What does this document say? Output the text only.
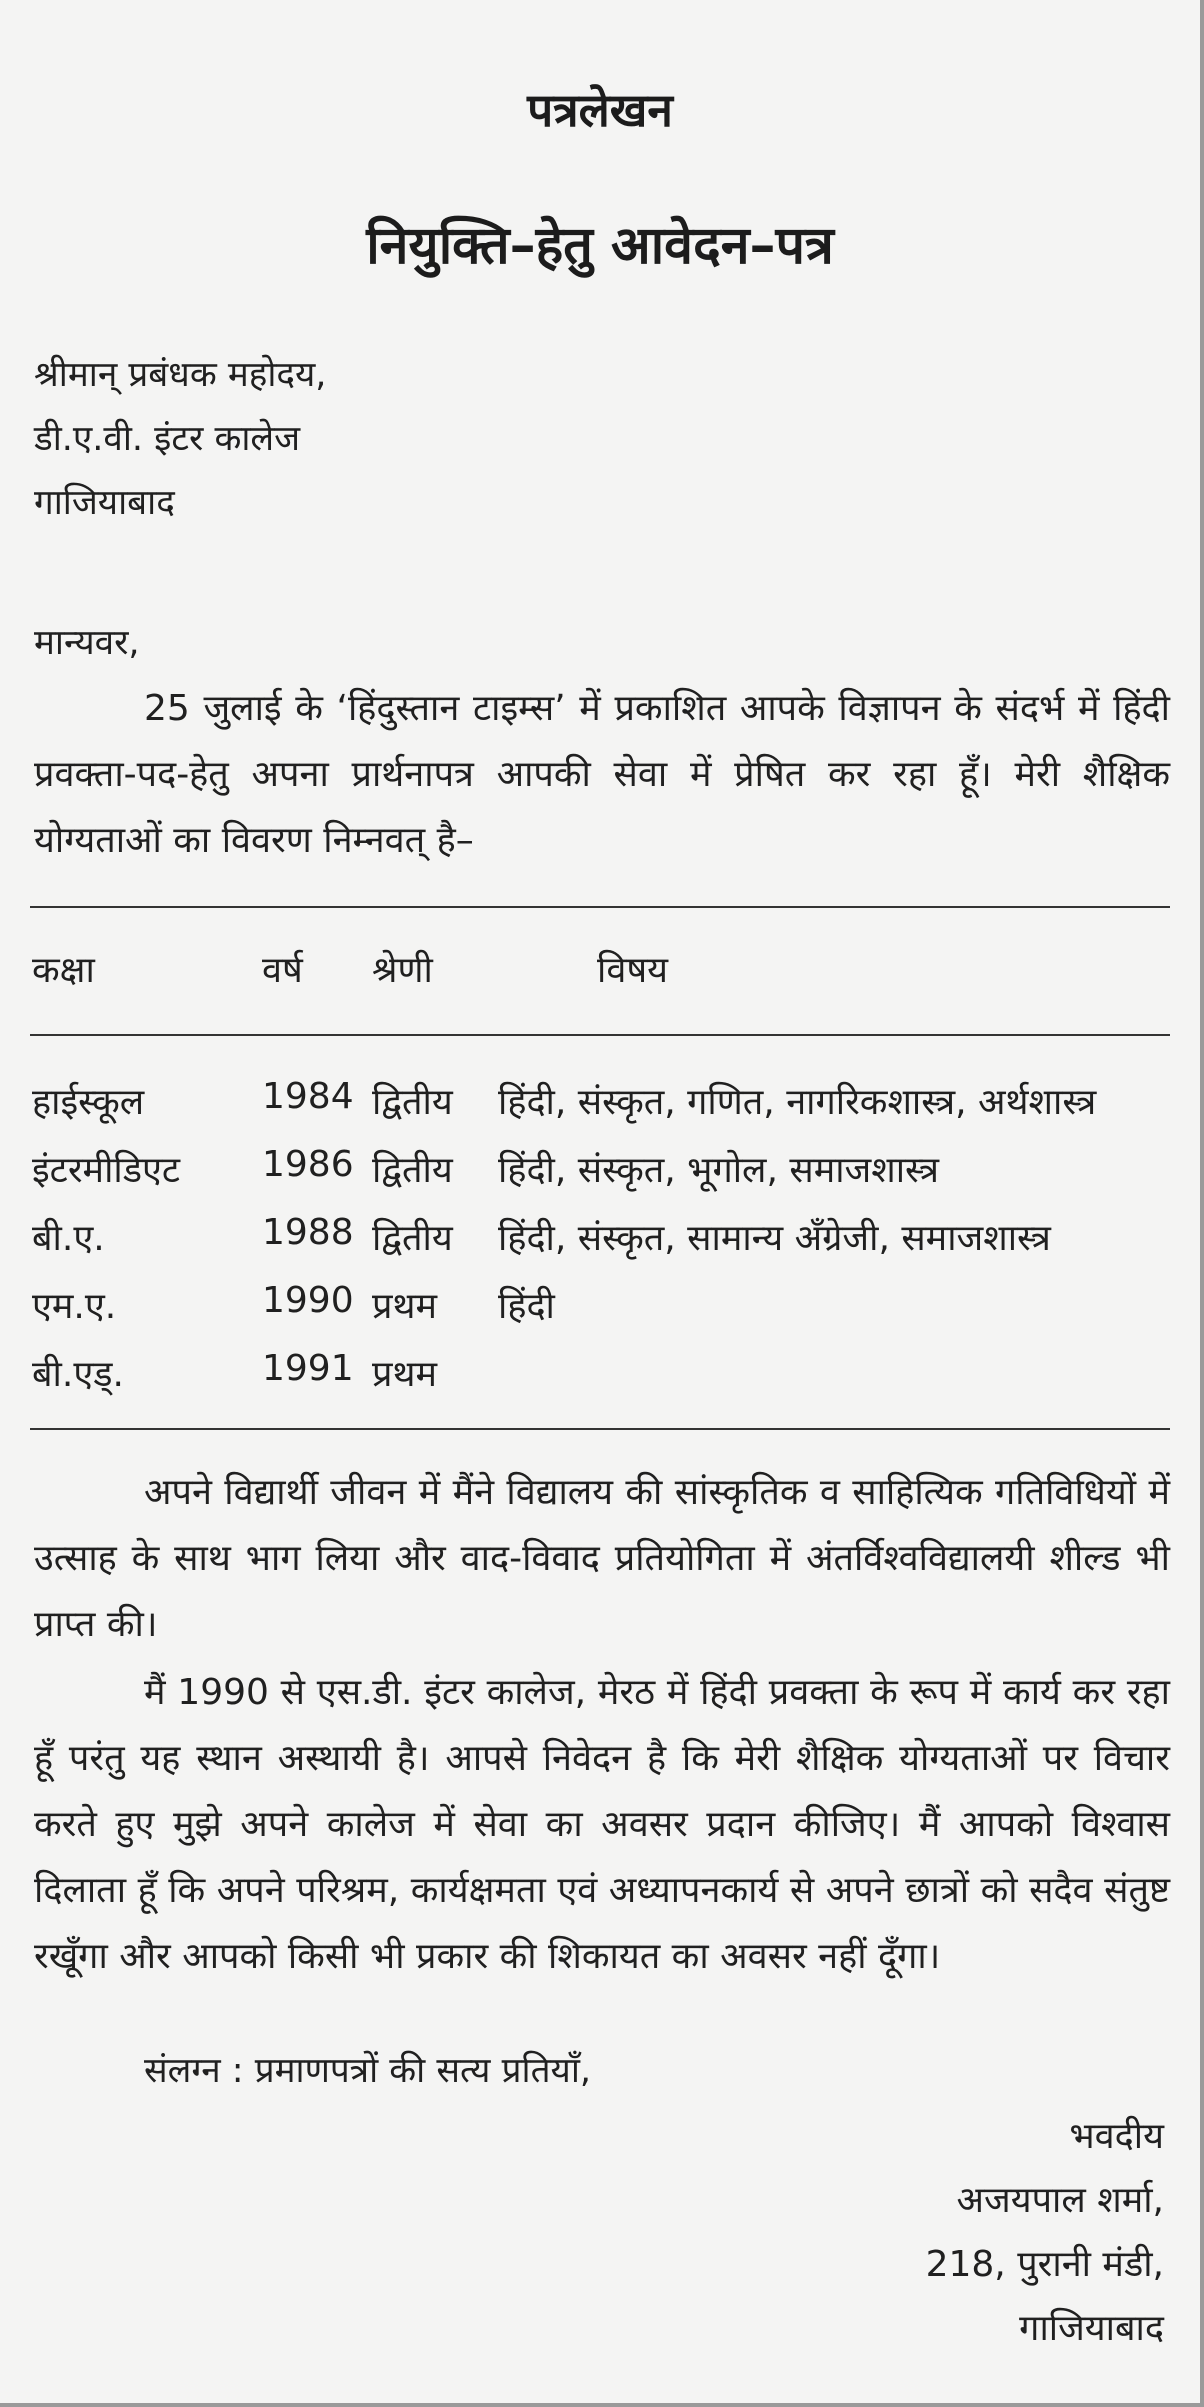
पत्रलेखन
नियुक्ति–हेतु आवेदन–पत्र
श्रीमान् प्रबंधक महोदय,
डी.ए.वी. इंटर कालेज
गाजियाबाद
मान्यवर,

25 जुलाई के ‘हिंदुस्तान टाइम्स’ में प्रकाशित आपके विज्ञापन के संदर्भ में हिंदी प्रवक्ता-पद-हेतु अपना प्रार्थनापत्र आपकी सेवा में प्रेषित कर रहा हूँ। मेरी शैक्षिक योग्यताओं का विवरण निम्नवत् है–

कक्षा	वर्ष श्रेणी	विषय
हाईस्कूल	1984 द्वितीय हिंदी, संस्कृत, गणित, नागरिकशास्त्र, अर्थशास्त्र
इंटरमीडिएट 1986 द्वितीय हिंदी, संस्कृत, भूगोल, समाजशास्त्र
बी.ए.	1988 द्वितीय हिंदी, संस्कृत, सामान्य अँग्रेजी, समाजशास्त्र
एम.ए.	1990 प्रथम हिंदी
बी.एड्.	1991 प्रथम

अपने विद्यार्थी जीवन में मैंने विद्यालय की सांस्कृतिक व साहित्यिक गतिविधियों में उत्साह के साथ भाग लिया और वाद-विवाद प्रतियोगिता में अंतर्विश्वविद्यालयी शील्ड भी प्राप्त की।

मैं 1990 से एस.डी. इंटर कालेज, मेरठ में हिंदी प्रवक्ता के रूप में कार्य कर रहा हूँ परंतु यह स्थान अस्थायी है। आपसे निवेदन है कि मेरी शैक्षिक योग्यताओं पर विचार करते हुए मुझे अपने कालेज में सेवा का अवसर प्रदान कीजिए। मैं आपको विश्वास दिलाता हूँ कि अपने परिश्रम, कार्यक्षमता एवं अध्यापनकार्य से अपने छात्रों को सदैव संतुष्ट रखूँगा और आपको किसी भी प्रकार की शिकायत का अवसर नहीं दूँगा।

संलग्न : प्रमाणपत्रों की सत्य प्रतियाँ,
भवदीय
अजयपाल शर्मा,
218, पुरानी मंडी,
गाजियाबाद
